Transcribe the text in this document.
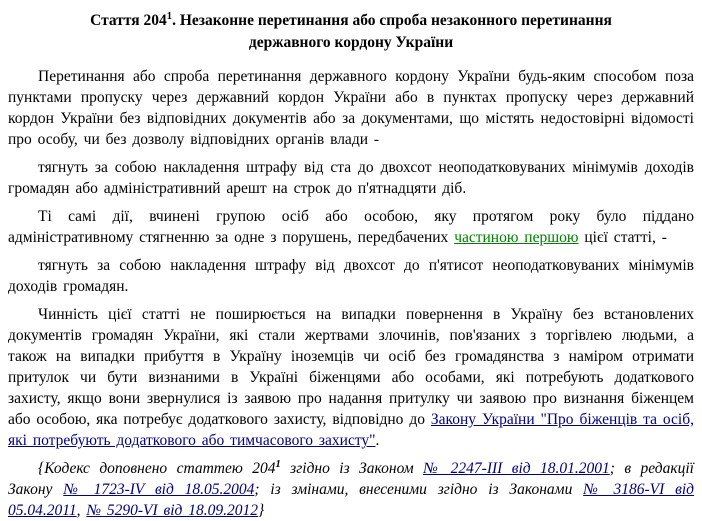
Стаття $204^1$. Незаконне перетинання або спроба незаконного перетинання державного кордону України

Перетинання або спроба перетинання державного кордону України будь-яким способом поза пунктами пропуску через державний кордон України або в пунктах пропуску через державний кордон України без відповідних документів або за документами, що містять недостовірні відомості про особу, чи без дозволу відповідних органів влади -

тягнуть за собою накладення штрафу від ста до двохсот неоподатковуваних мінімумів доходів громадян або адміністративний арешт на строк до п'ятнадцяти діб.

Ті самі дії, вчинені групою осіб або особою, яку протягом року було піддано адміністративному стягненню за одне з порушень, передбачених частиною першою цієї статті, -

тягнуть за собою накладення штрафу від двохсот до п'ятисот неоподатковуваних мінімумів доходів громадян.

Чинність цієї статті не поширюється на випадки повернення в Україну без встановлених документів громадян України, які стали жертвами злочинів, пов'язаних з торгівлею людьми, а також на випадки прибуття в Україну іноземців чи осіб без громадянства з наміром отримати притулок чи бути визнаними в Україні біженцями або особами, які потребують додаткового захисту, якщо вони звернулися із заявою про надання притулку чи заявою про визнання біженцем або особою, яка потребує додаткового захисту, відповідно до Закону України "Про біженців та осіб, які потребують додаткового або тимчасового захисту".

{Кодекс доповнено статтею $204^1$ згідно із Законом № 2247-III від 18.01.2001; в редакції Закону № 1723-IV від 18.05.2004; із змінами, внесеними згідно із Законами № 3186-VI від 05.04.2011, № 5290-VI від 18.09.2012}
